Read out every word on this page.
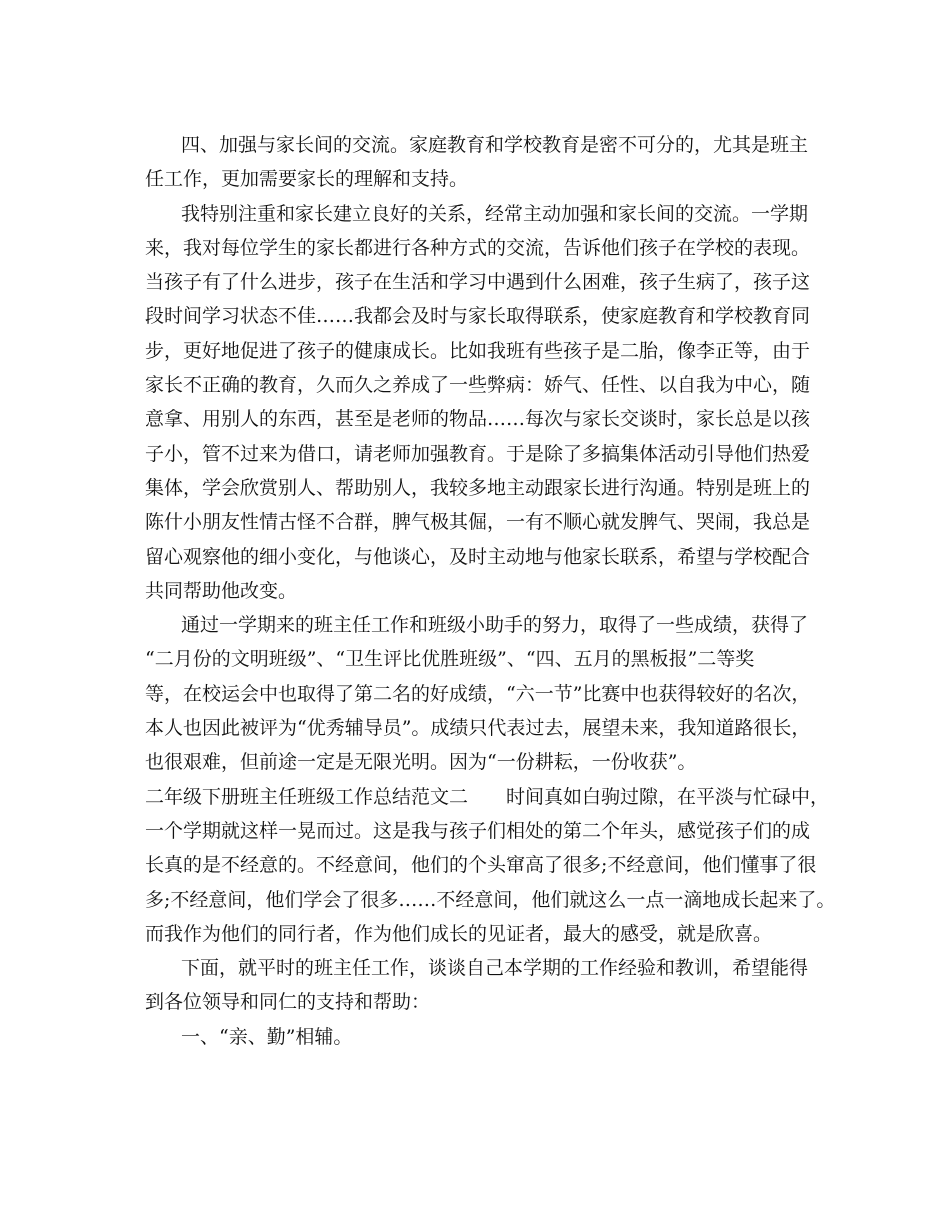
四、加强与家长间的交流。家庭教育和学校教育是密不可分的，尤其是班主
任工作，更加需要家长的理解和支持。
我特别注重和家长建立良好的关系，经常主动加强和家长间的交流。一学期
来，我对每位学生的家长都进行各种方式的交流，告诉他们孩子在学校的表现。
当孩子有了什么进步，孩子在生活和学习中遇到什么困难，孩子生病了，孩子这
段时间学习状态不佳……我都会及时与家长取得联系，使家庭教育和学校教育同
步，更好地促进了孩子的健康成长。比如我班有些孩子是二胎，像李正等，由于
家长不正确的教育，久而久之养成了一些弊病：娇气、任性、以自我为中心，随
意拿、用别人的东西，甚至是老师的物品……每次与家长交谈时，家长总是以孩
子小，管不过来为借口，请老师加强教育。于是除了多搞集体活动引导他们热爱
集体，学会欣赏别人、帮助别人，我较多地主动跟家长进行沟通。特别是班上的
陈什小朋友性情古怪不合群，脾气极其倔，一有不顺心就发脾气、哭闹，我总是
留心观察他的细小变化，与他谈心，及时主动地与他家长联系，希望与学校配合
共同帮助他改变。
通过一学期来的班主任工作和班级小助手的努力，取得了一些成绩，获得了
“二月份的文明班级”、“卫生评比优胜班级”、“四、五月的黑板报”二等奖
等，在校运会中也取得了第二名的好成绩，“六一节”比赛中也获得较好的名次，
本人也因此被评为“优秀辅导员”。成绩只代表过去，展望未来，我知道路很长，
也很艰难，但前途一定是无限光明。因为“一份耕耘，一份收获”。
二年级下册班主任班级工作总结范文二 时间真如白驹过隙，在平淡与忙碌中，
一个学期就这样一晃而过。这是我与孩子们相处的第二个年头，感觉孩子们的成
长真的是不经意的。不经意间，他们的个头窜高了很多;不经意间，他们懂事了很
多;不经意间，他们学会了很多……不经意间，他们就这么一点一滴地成长起来了。
而我作为他们的同行者，作为他们成长的见证者，最大的感受，就是欣喜。
下面，就平时的班主任工作，谈谈自己本学期的工作经验和教训，希望能得
到各位领导和同仁的支持和帮助：
一、“亲、勤”相辅。
